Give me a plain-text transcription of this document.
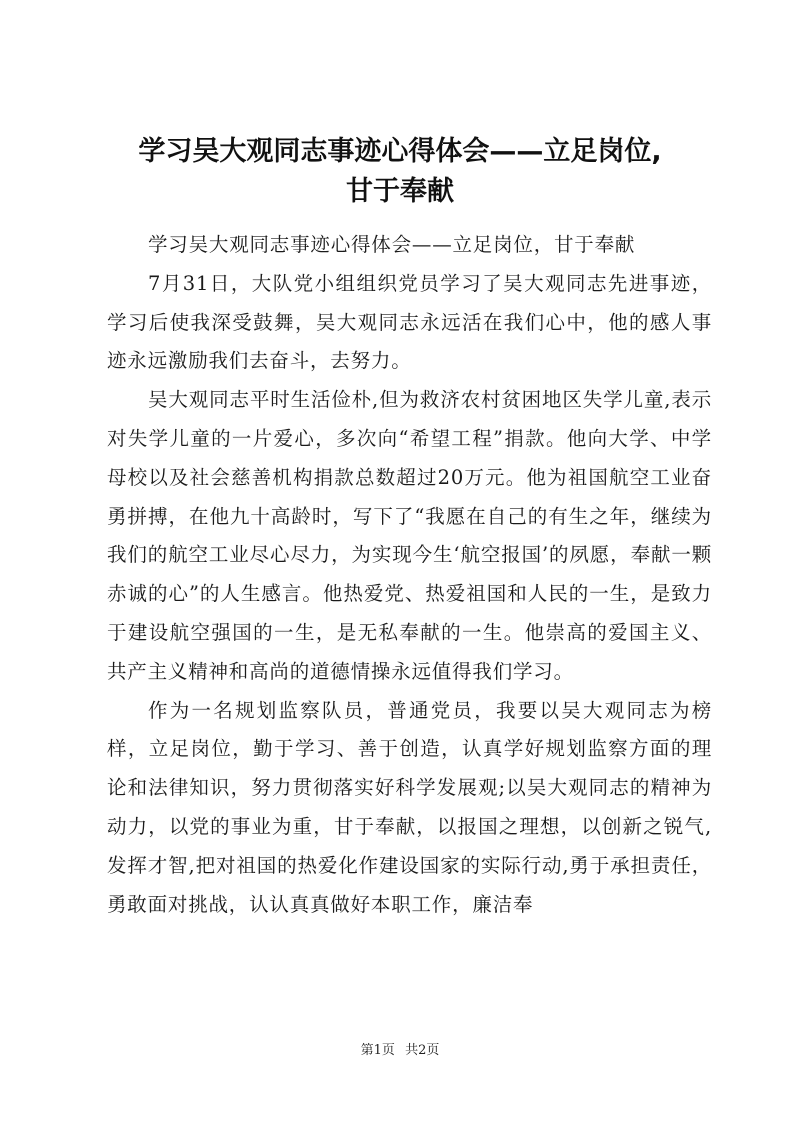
学习吴大观同志事迹心得体会——立足岗位,
甘于奉献

学习吴大观同志事迹心得体会——立足岗位，甘于奉献

7月31日，大队党小组组织党员学习了吴大观同志先进事迹，学习后使我深受鼓舞，吴大观同志永远活在我们心中，他的感人事迹永远激励我们去奋斗，去努力。

吴大观同志平时生活俭朴,但为救济农村贫困地区失学儿童,表示对失学儿童的一片爱心，多次向“希望工程”捐款。他向大学、中学母校以及社会慈善机构捐款总数超过20万元。他为祖国航空工业奋勇拼搏，在他九十高龄时，写下了“我愿在自己的有生之年，继续为我们的航空工业尽心尽力，为实现今生‘航空报国’的夙愿，奉献一颗赤诚的心”的人生感言。他热爱党、热爱祖国和人民的一生，是致力于建设航空强国的一生，是无私奉献的一生。他崇高的爱国主义、共产主义精神和高尚的道德情操永远值得我们学习。

作为一名规划监察队员，普通党员，我要以吴大观同志为榜样，立足岗位，勤于学习、善于创造，认真学好规划监察方面的理论和法律知识，努力贯彻落实好科学发展观;以吴大观同志的精神为动力，以党的事业为重，甘于奉献，以报国之理想，以创新之锐气,发挥才智,把对祖国的热爱化作建设国家的实际行动,勇于承担责任，勇敢面对挑战，认认真真做好本职工作，廉洁奉

第1页 共2页
